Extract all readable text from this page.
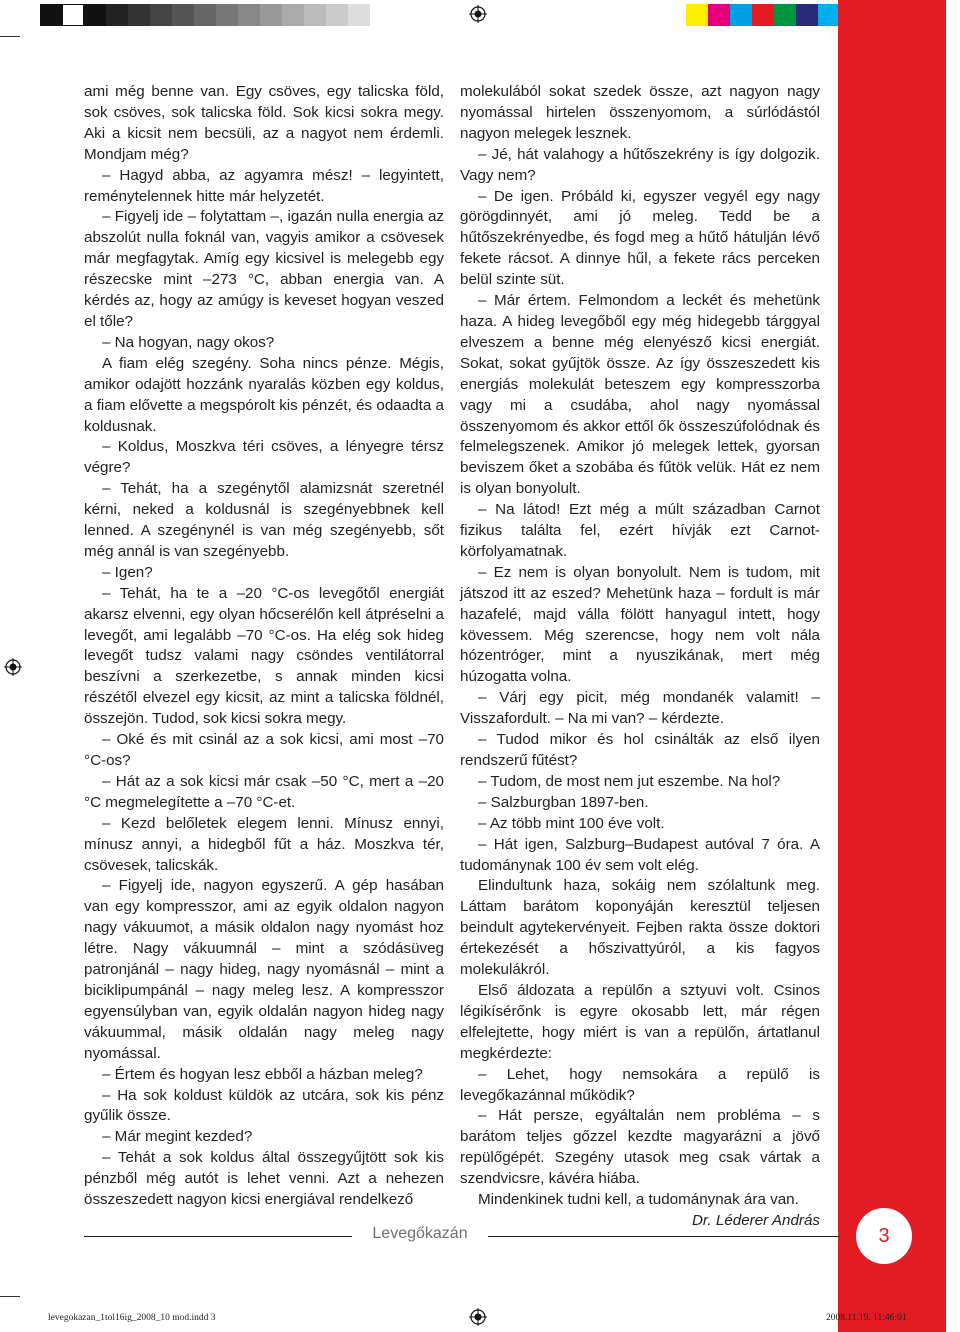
ami még benne van. Egy csöves, egy talicska föld, sok csöves, sok talicska föld. Sok kicsi sokra megy. Aki a kicsit nem becsüli, az a nagyot nem érdemli. Mondjam még?

– Hagyd abba, az agyamra mész! – legyintett, reménytelennek hitte már helyzetét.

– Figyelj ide – folytattam –, igazán nulla energia az abszolút nulla foknál van, vagyis amikor a csövesek már megfagytak. Amíg egy kicsivel is melegebb egy részecske mint –273 °C, abban energia van. A kérdés az, hogy az amúgy is keveset hogyan veszed el tőle?

– Na hogyan, nagy okos?

A fiam elég szegény. Soha nincs pénze. Mégis, amikor odajött hozzánk nyaralás közben egy koldus, a fiam elővette a megspórolt kis pénzét, és odaadta a koldusnak.

– Koldus, Moszkva téri csöves, a lényegre térsz végre?

– Tehát, ha a szegénytől alamizsnát szeretnél kérni, neked a koldusnál is szegényebbnek kell lenned. A szegénynél is van még szegényebb, sőt még annál is van szegényebb.

– Igen?

– Tehát, ha te a –20 °C-os levegőtől energiát akarsz elvenni, egy olyan hőcserélőn kell átpréselni a levegőt, ami legalább –70 °C-os. Ha elég sok hideg levegőt tudsz valami nagy csöndes ventilátorral beszívni a szerkezetbe, s annak minden kicsi részétől elvezel egy kicsit, az mint a talicska földnél, összejön. Tudod, sok kicsi sokra megy.

– Oké és mit csinál az a sok kicsi, ami most –70 °C-os?

– Hát az a sok kicsi már csak –50 °C, mert a –20 °C megmelegítette a –70 °C-et.

– Kezd belőletek elegem lenni. Mínusz ennyi, mínusz annyi, a hidegből fűt a ház. Moszkva tér, csövesek, talicskák.

– Figyelj ide, nagyon egyszerű. A gép hasában van egy kompresszor, ami az egyik oldalon nagyon nagy vákuumot, a másik oldalon nagy nyomást hoz létre. Nagy vákuumnál – mint a szódásüveg patronjánál – nagy hideg, nagy nyomásnál – mint a biciklipumpánál – nagy meleg lesz. A kompresszor egyensúlyban van, egyik oldalán nagyon hideg nagy vákuummal, másik oldalán nagy meleg nagy nyomással.

– Értem és hogyan lesz ebből a házban meleg?

– Ha sok koldust küldök az utcára, sok kis pénz gyűlik össze.

– Már megint kezded?

– Tehát a sok koldus által összegyűjtött sok kis pénzből még autót is lehet venni. Azt a nehezen összeszedett nagyon kicsi energiával rendelkező

molekulából sokat szedek össze, azt nagyon nagy nyomással hirtelen összenyomom, a súrlódástól nagyon melegek lesznek.

– Jé, hát valahogy a hűtőszekrény is így dolgozik. Vagy nem?

– De igen. Próbáld ki, egyszer vegyél egy nagy görögdinnyét, ami jó meleg. Tedd be a hűtőszekrényedbe, és fogd meg a hűtő hátulján lévő fekete rácsot. A dinnye hűl, a fekete rács perceken belül szinte süt.

– Már értem. Felmondom a leckét és mehetünk haza. A hideg levegőből egy még hidegebb tárggyal elveszem a benne még elenyésző kicsi energiát. Sokat, sokat gyűjtök össze. Az így összeszedett kis energiás molekulát beteszem egy kompresszorba vagy mi a csudába, ahol nagy nyomással összenyomom és akkor ettől ők összeszúfolódnak és felmelegszenek. Amikor jó melegek lettek, gyorsan beviszem őket a szobába és fűtök velük. Hát ez nem is olyan bonyolult.

– Na látod! Ezt még a múlt században Carnot fizikus találta fel, ezért hívják ezt Carnot-körfolyamatnak.

– Ez nem is olyan bonyolult. Nem is tudom, mit játszod itt az eszed? Mehetünk haza – fordult is már hazafelé, majd válla fölött hanyagul intett, hogy kövessem. Még szerencse, hogy nem volt nála hózentróger, mint a nyuszikának, mert még húzogatta volna.

– Várj egy picit, még mondanék valamit! – Visszafordult. – Na mi van? – kérdezte.

– Tudod mikor és hol csinálták az első ilyen rendszerű fűtést?

– Tudom, de most nem jut eszembe. Na hol?

– Salzburgban 1897-ben.

– Az több mint 100 éve volt.

– Hát igen, Salzburg–Budapest autóval 7 óra. A tudománynak 100 év sem volt elég.

Elindultunk haza, sokáig nem szólaltunk meg. Láttam barátom koponyáján keresztül teljesen beindult agytekervényeit. Fejben rakta össze doktori értekezését a hőszivattyúról, a kis fagyos molekulákról.

Első áldozata a repülőn a sztyuvi volt. Csinos légikísérőnk is egyre okosabb lett, már régen elfelejtette, hogy miért is van a repülőn, ártatlanul megkérdezte:

– Lehet, hogy nemsokára a repülő is levegőkazánnal működik?

– Hát persze, egyáltalán nem probléma – s barátom teljes gőzzel kezdte magyarázni a jövő repülőgépét. Szegény utasok meg csak vártak a szendvicsre, kávéra hiába.

Mindenkinek tudni kell, a tudománynak ára van.

Dr. Léderer András

Levegőkazán	3
levegokazan_1tol16ig_2008_10 mod.indd 3	2008.11.19. 11:46:01
